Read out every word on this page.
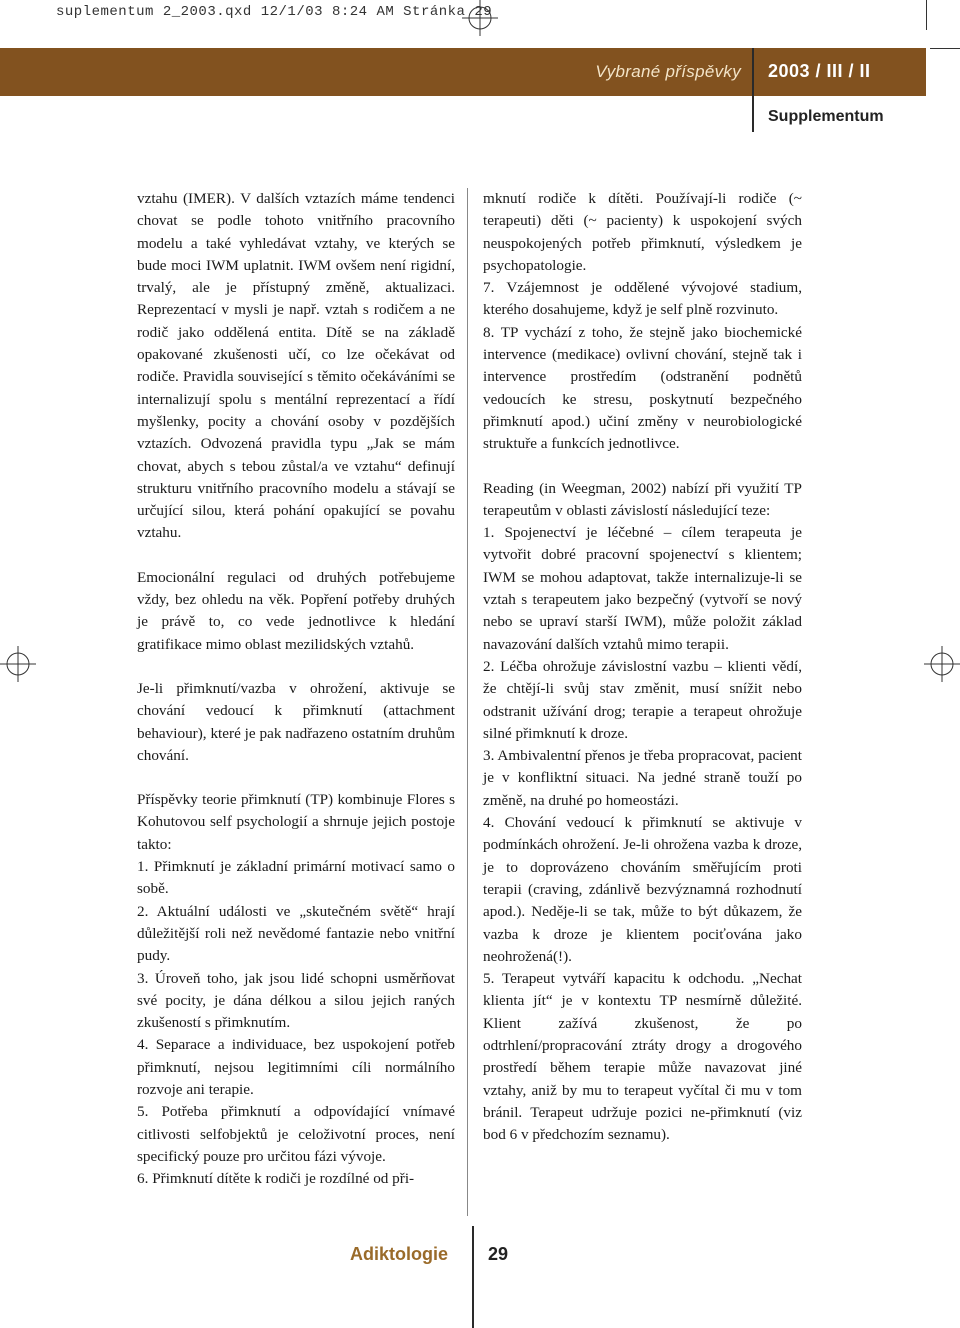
suplementum 2_2003.qxd 12/1/03 8:24 AM Stránka 29
Vybrané příspěvky 2003 / III / II
Supplementum

vztahu (IMER). V dalších vztazích máme tendenci chovat se podle tohoto vnitřního pracovního modelu a také vyhledávat vztahy, ve kterých se bude moci IWM uplatnit. IWM ovšem není rigidní, trvalý, ale je přístupný změně, aktualizaci. Reprezentací v mysli je např. vztah s rodičem a ne rodič jako oddělená entita. Dítě se na základě opakované zkušenosti učí, co lze očekávat od rodiče. Pravidla související s těmito očekáváními se internalizují spolu s mentální reprezentací a řídí myšlenky, pocity a chování osoby v pozdějších vztazích. Odvozená pravidla typu „Jak se mám chovat, abych s tebou zůstal/a ve vztahu“ definují strukturu vnitřního pracovního modelu a stávají se určující silou, která pohání opakující se povahu vztahu.

Emocionální regulaci od druhých potřebujeme vždy, bez ohledu na věk. Popření potřeby druhých je právě to, co vede jednotlivce k hledání gratifikace mimo oblast mezilidských vztahů.

Je-li přimknutí/vazba v ohrožení, aktivuje se chování vedoucí k přimknutí (attachment behaviour), které je pak nadřazeno ostatním druhům chování.

Příspěvky teorie přimknutí (TP) kombinuje Flores s Kohutovou self psychologií a shrnuje jejich postoje takto:

1. Přimknutí je základní primární motivací samo o sobě.

2. Aktuální události ve „skutečném světě“ hrají důležitější roli než nevědomé fantazie nebo vnitřní pudy.

3. Úroveň toho, jak jsou lidé schopni usměrňovat své pocity, je dána délkou a silou jejich raných zkušeností s přimknutím.

4. Separace a individuace, bez uspokojení potřeb přimknutí, nejsou legitimními cíli normálního rozvoje ani terapie.

5. Potřeba přimknutí a odpovídající vnímavé citlivosti selfobjektů je celoživotní proces, není specifický pouze pro určitou fázi vývoje.

6. Přimknutí dítěte k rodiči je rozdílné od při-

mknutí rodiče k dítěti. Používají-li rodiče (~ terapeuti) děti (~ pacienty) k uspokojení svých neuspokojených potřeb přimknutí, výsledkem je psychopatologie.

7. Vzájemnost je oddělené vývojové stadium, kterého dosahujeme, když je self plně rozvinuto.

8. TP vychází z toho, že stejně jako biochemické intervence (medikace) ovlivní chování, stejně tak i intervence prostředím (odstranění podnětů vedoucích ke stresu, poskytnutí bezpečného přimknutí apod.) učiní změny v neurobiologické struktuře a funkcích jednotlivce.

Reading (in Weegman, 2002) nabízí při využití TP terapeutům v oblasti závislostí následující teze:

1. Spojenectví je léčebné – cílem terapeuta je vytvořit dobré pracovní spojenectví s klientem; IWM se mohou adaptovat, takže internalizuje-li se vztah s terapeutem jako bezpečný (vytvoří se nový nebo se upraví starší IWM), může položit základ navazování dalších vztahů mimo terapii.

2. Léčba ohrožuje závislostní vazbu – klienti vědí, že chtějí-li svůj stav změnit, musí snížit nebo odstranit užívání drog; terapie a terapeut ohrožuje silné přimknutí k droze.

3. Ambivalentní přenos je třeba propracovat, pacient je v konfliktní situaci. Na jedné straně touží po změně, na druhé po homeostázi.

4. Chování vedoucí k přimknutí se aktivuje v podmínkách ohrožení. Je-li ohrožena vazba k droze, je to doprovázeno chováním směřujícím proti terapii (craving, zdánlivě bezvýznamná rozhodnutí apod.). Neděje-li se tak, může to být důkazem, že vazba k droze je klientem pociťována jako neohrožená(!).

5. Terapeut vytváří kapacitu k odchodu. „Nechat klienta jít“ je v kontextu TP nesmírně důležité. Klient zažívá zkušenost, že po odtrhlení/propracování ztráty drogy a drogového prostředí během terapie může navazovat jiné vztahy, aniž by mu to terapeut vyčítal či mu v tom bránil. Terapeut udržuje pozici ne-přimknutí (viz bod 6 v předchozím seznamu).

Adiktologie 29
